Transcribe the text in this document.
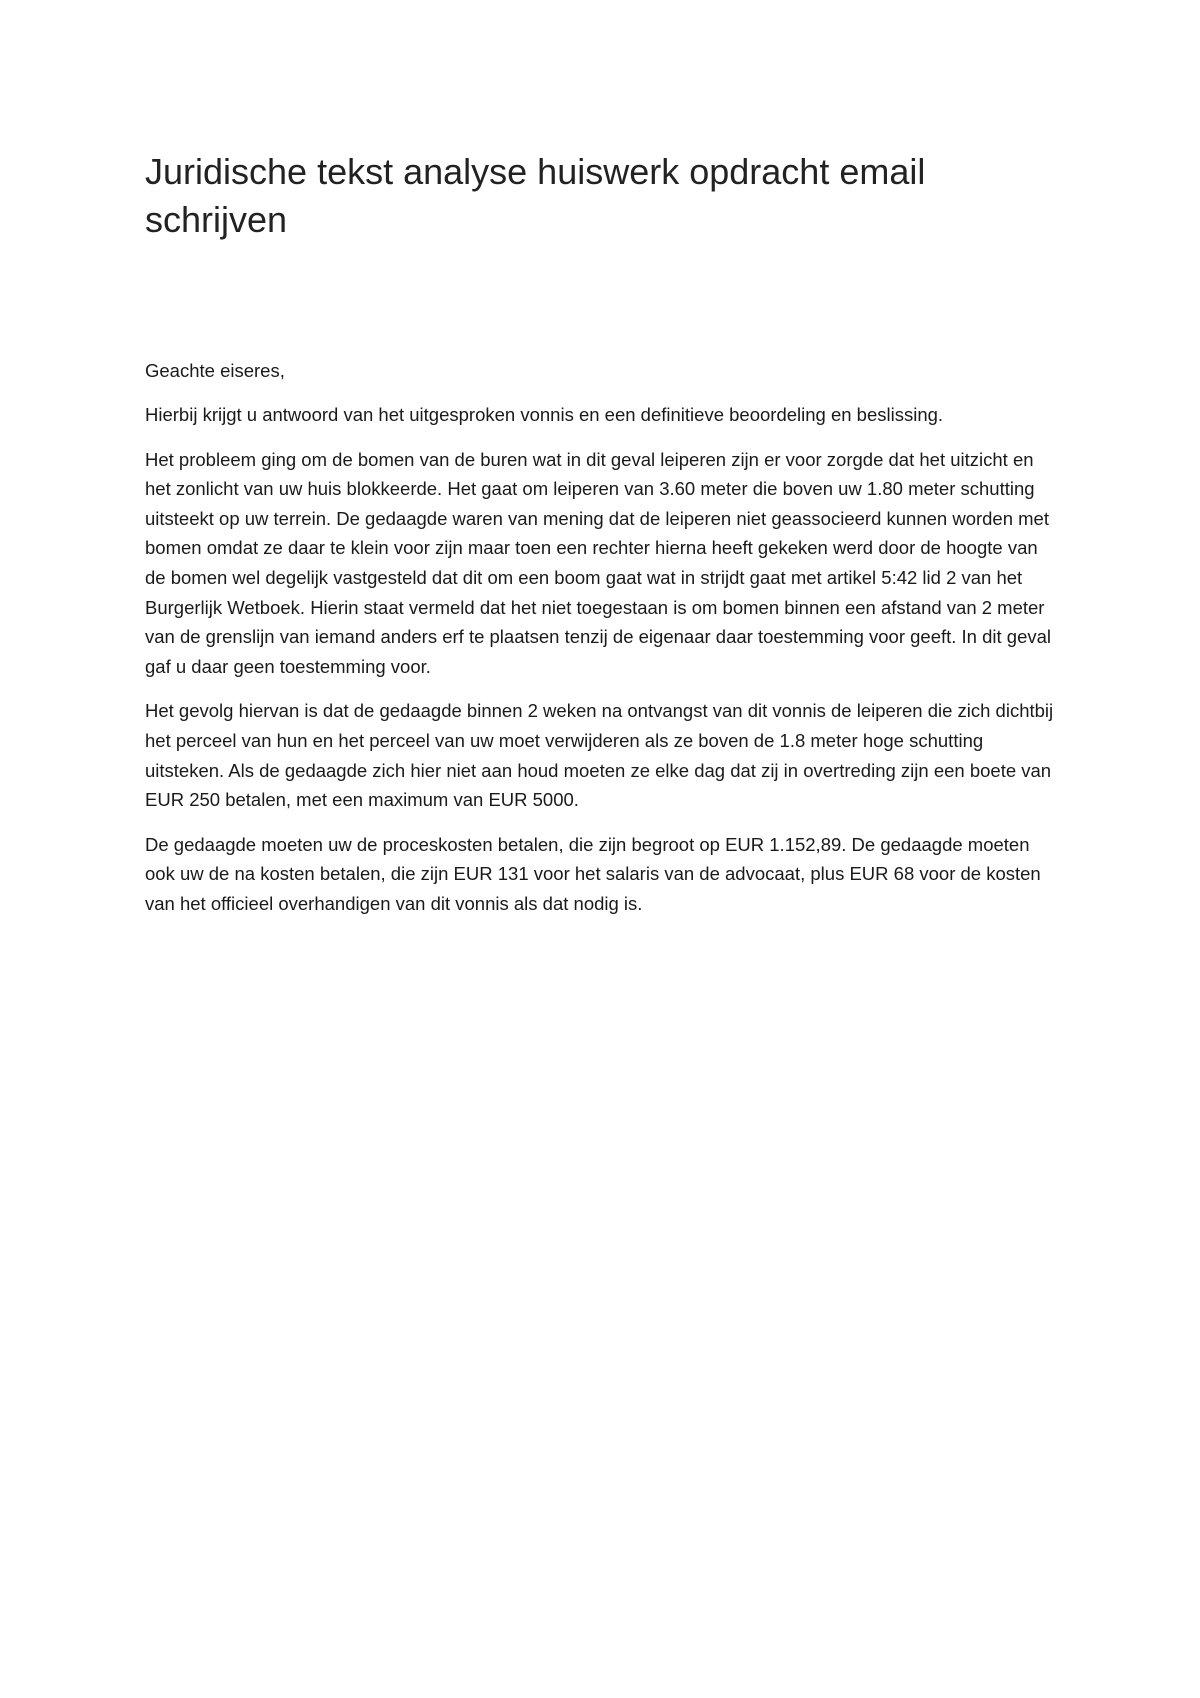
Juridische tekst analyse huiswerk opdracht email schrijven

Geachte eiseres,

Hierbij krijgt u antwoord van het uitgesproken vonnis en een definitieve beoordeling en beslissing.

Het probleem ging om de bomen van de buren wat in dit geval leiperen zijn er voor zorgde dat het uitzicht en het zonlicht van uw huis blokkeerde. Het gaat om leiperen van 3.60 meter die boven uw 1.80 meter schutting uitsteekt op uw terrein. De gedaagde waren van mening dat de leiperen niet geassocieerd kunnen worden met bomen omdat ze daar te klein voor zijn maar toen een rechter hierna heeft gekeken werd door de hoogte van de bomen wel degelijk vastgesteld dat dit om een boom gaat wat in strijdt gaat met artikel 5:42 lid 2 van het Burgerlijk Wetboek. Hierin staat vermeld dat het niet toegestaan is om bomen binnen een afstand van 2 meter van de grenslijn van iemand anders erf te plaatsen tenzij de eigenaar daar toestemming voor geeft. In dit geval gaf u daar geen toestemming voor.

Het gevolg hiervan is dat de gedaagde binnen 2 weken na ontvangst van dit vonnis de leiperen die zich dichtbij het perceel van hun en het perceel van uw moet verwijderen als ze boven de 1.8 meter hoge schutting uitsteken. Als de gedaagde zich hier niet aan houd moeten ze elke dag dat zij in overtreding zijn een boete van EUR 250 betalen, met een maximum van EUR 5000.

De gedaagde moeten uw de proceskosten betalen, die zijn begroot op EUR 1.152,89. De gedaagde moeten ook uw de na kosten betalen, die zijn EUR 131 voor het salaris van de advocaat, plus EUR 68 voor de kosten van het officieel overhandigen van dit vonnis als dat nodig is.
